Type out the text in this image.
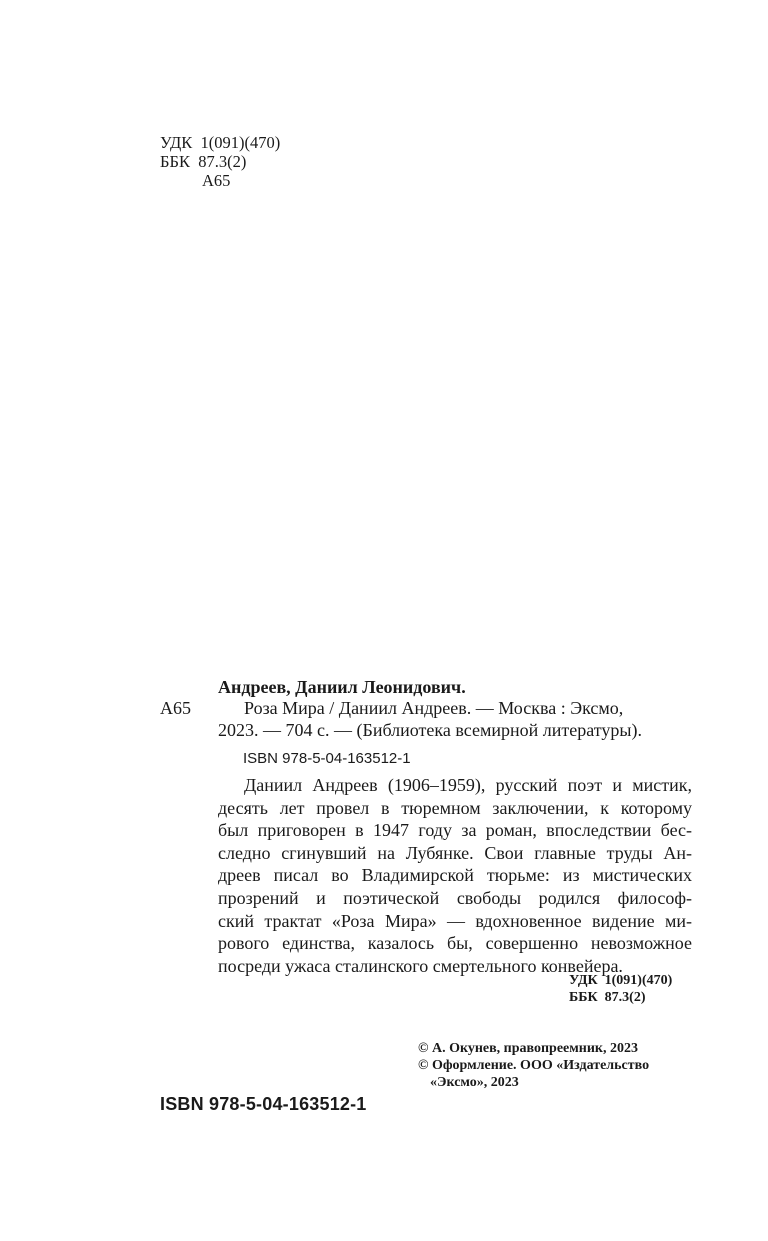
УДК  1(091)(470)
ББК  87.3(2)
А65
Андреев, Даниил Леонидович.
А65	Роза Мира / Даниил Андреев. — Москва : Эксмо,
2023. — 704 с. — (Библиотека всемирной литературы).
ISBN 978-5-04-163512-1
Даниил Андреев (1906–1959), русский поэт и мистик,
десять лет провел в тюремном заключении, к которому
был приговорен в 1947 году за роман, впоследствии бес-
следно сгинувший на Лубянке. Свои главные труды Ан-
дреев писал во Владимирской тюрьме: из мистических
прозрений и поэтической свободы родился философ-
ский трактат «Роза Мира» — вдохновенное видение ми-
рового единства, казалось бы, совершенно невозможное
посреди ужаса сталинского смертельного конвейера.
УДК  1(091)(470)
ББК  87.3(2)
© А. Окунев, правопреемник, 2023
© Оформление. ООО «Издательство
«Эксмо», 2023
ISBN 978-5-04-163512-1
